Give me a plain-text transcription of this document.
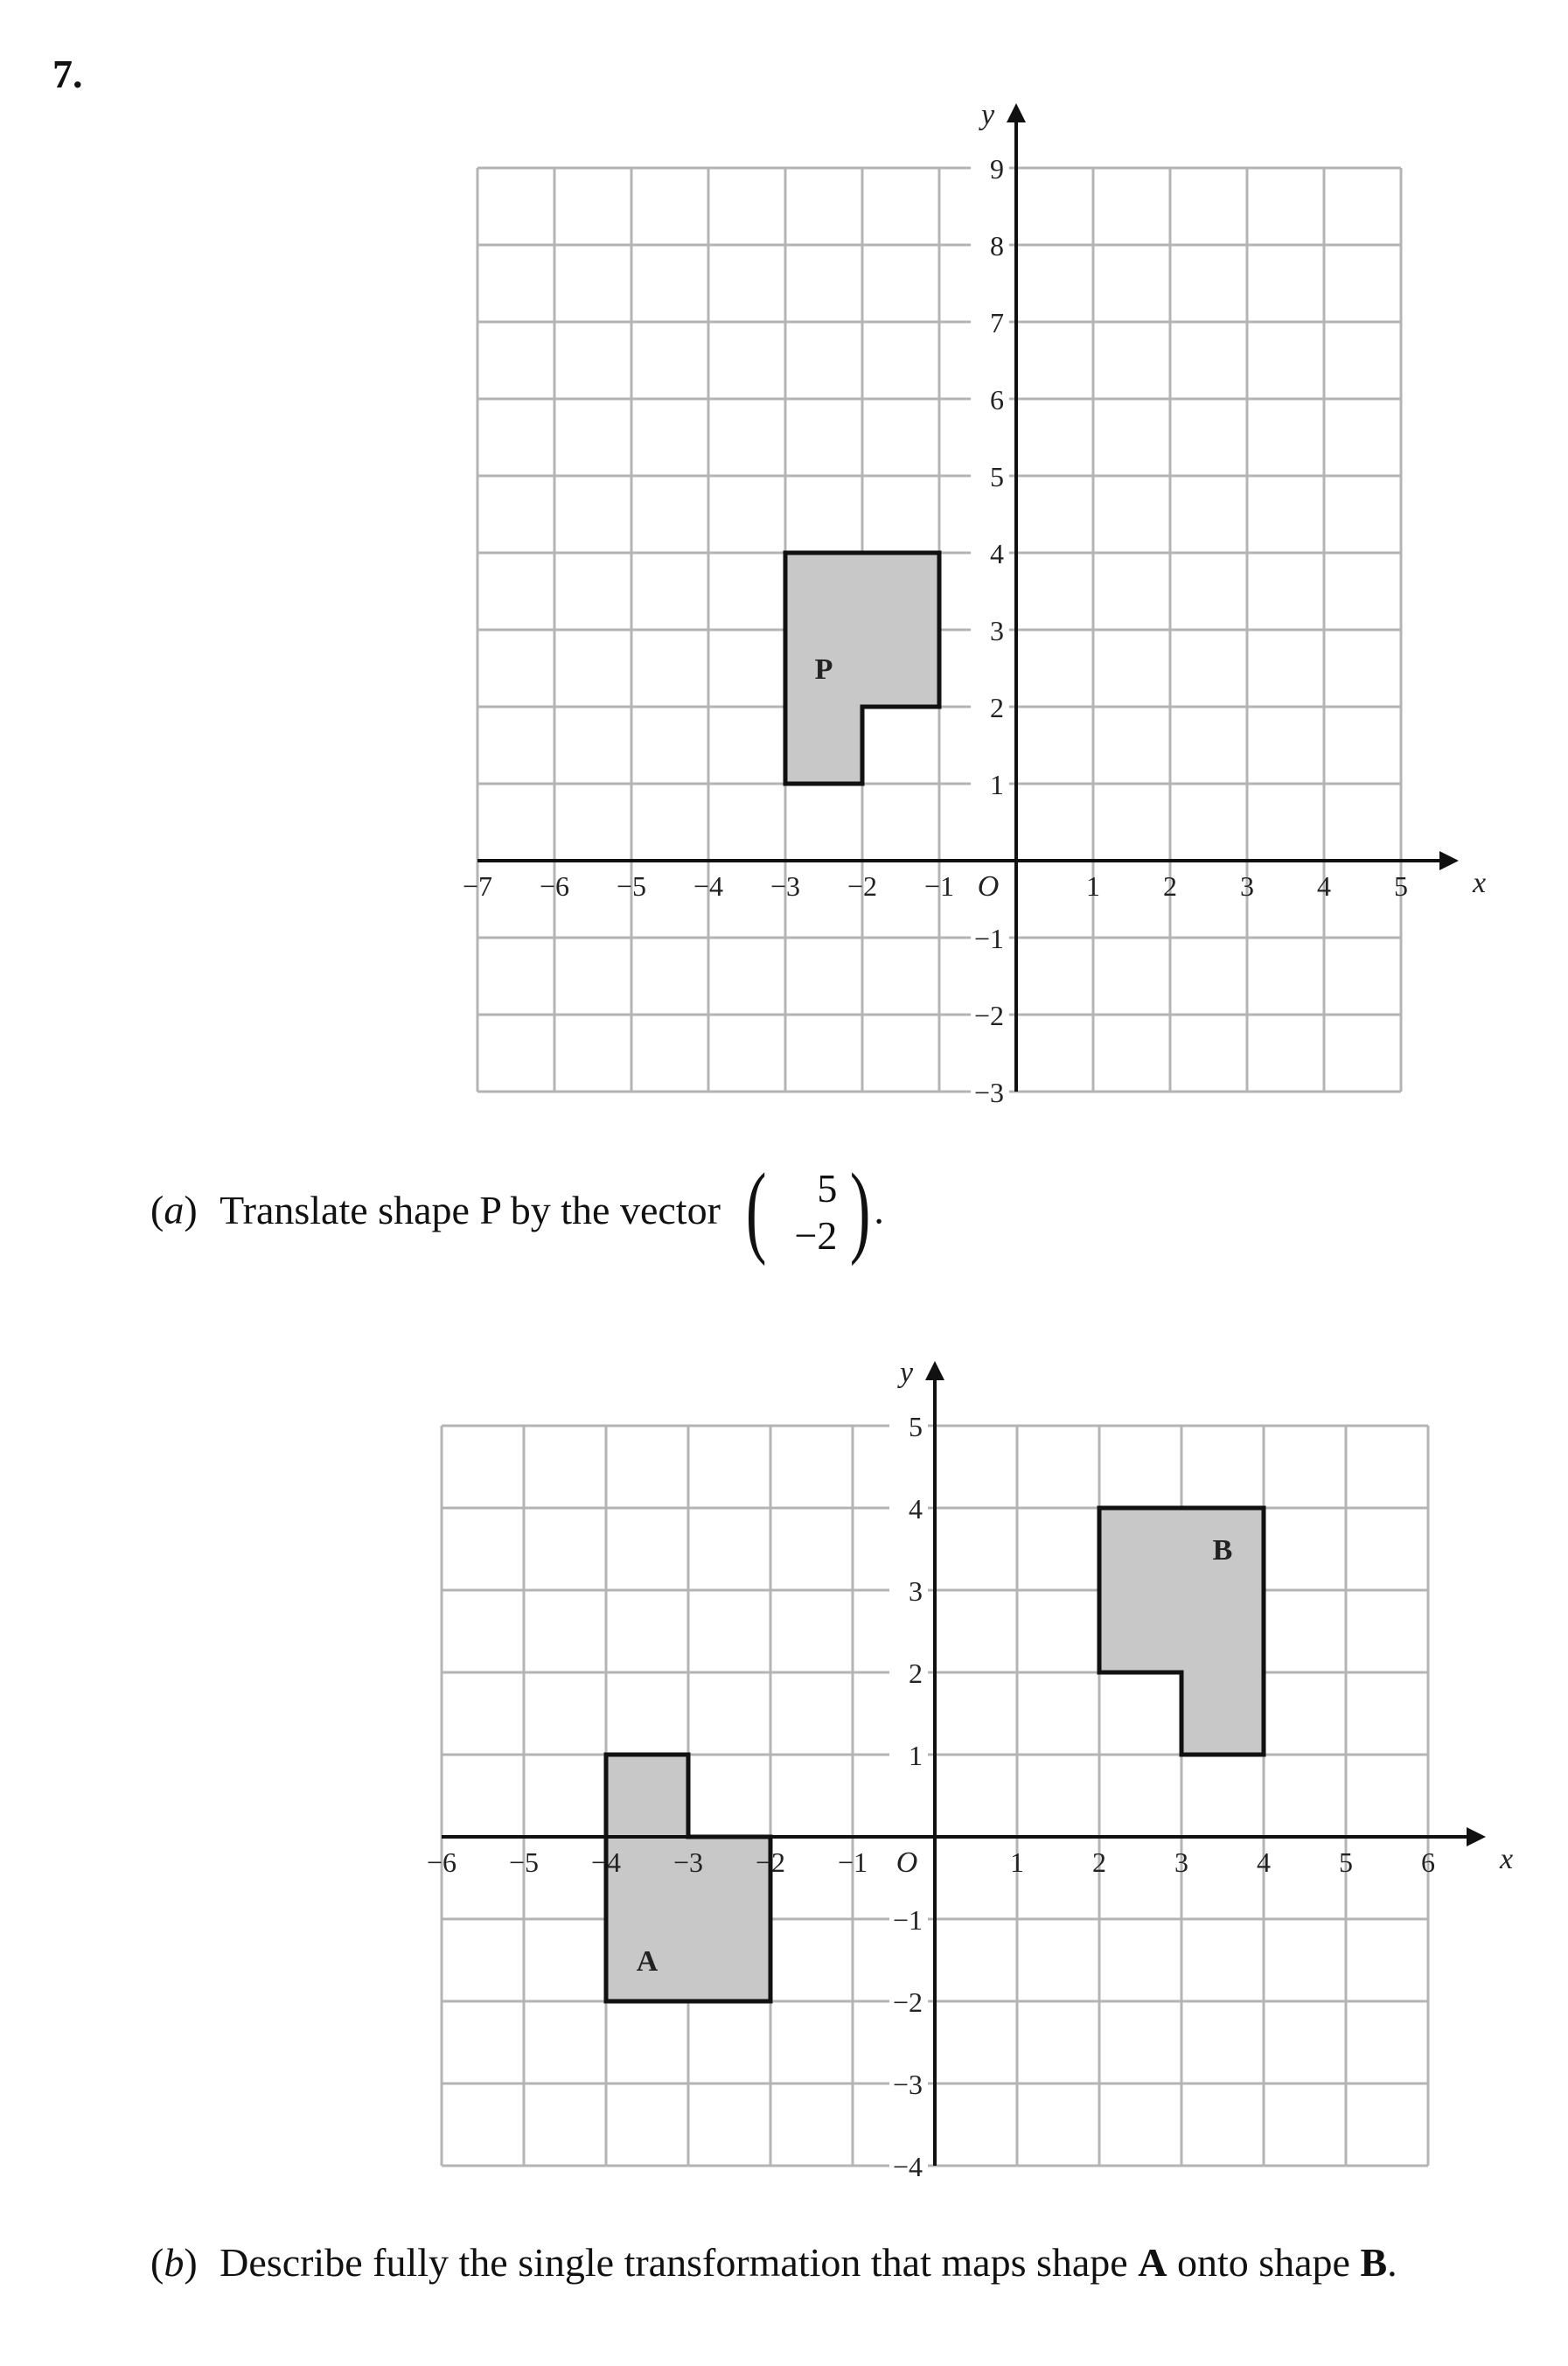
7.
P
x
y
O
−7 −6 −5 −4 −3 −2 −1	1 2 3 4 5
−3
−2
−1
1
2
3
4
5
6
7
8
9
(a) Translate shape P by the vector ( 5
−2 ) .
A
B
x
y
O
−6 −5 −4 −3 −2 −1	1 2 3 4 5 6
−4
−3
−2
−1
1
2
3
4
5
(b) Describe fully the single transformation that maps shape A onto shape B.
